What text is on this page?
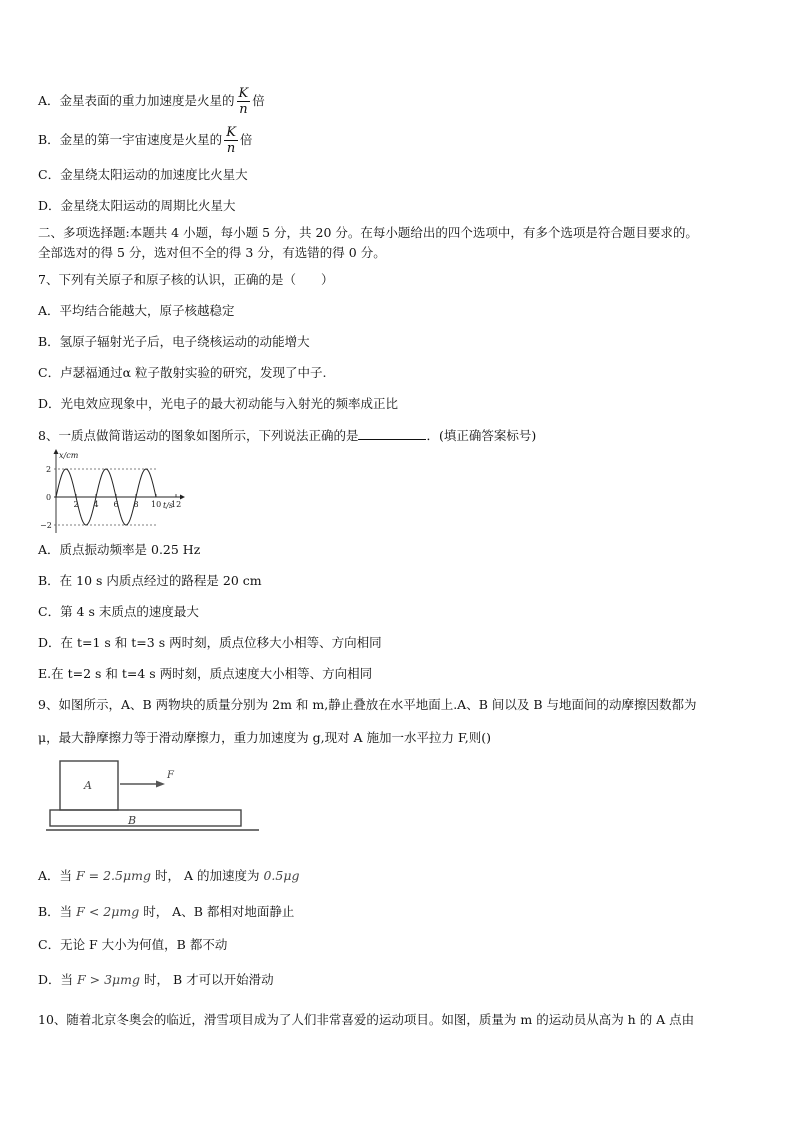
A．金星表面的重力加速度是火星的 $\frac{K}{n}$ 倍
B．金星的第一宇宙速度是火星的 $\frac{K}{n}$ 倍
C．金星绕太阳运动的加速度比火星大
D．金星绕太阳运动的周期比火星大
二、多项选择题:本题共 4 小题，每小题 5 分，共 20 分。在每小题给出的四个选项中，有多个选项是符合题目要求的。
全部选对的得 5 分，选对但不全的得 3 分，有选错的得 0 分。
7、下列有关原子和原子核的认识，正确的是（　　）
A．平均结合能越大，原子核越稳定
B．氢原子辐射光子后，电子绕核运动的动能增大
C．卢瑟福通过α 粒子散射实验的研究，发现了中子.
D．光电效应现象中，光电子的最大初动能与入射光的频率成正比
8、一质点做简谐运动的图象如图所示，下列说法正确的是	．(填正确答案标号)
x/cm
t/s
2
0
−2
2 4 6 8 10 12
A．质点振动频率是 0.25 Hz
B．在 10 s 内质点经过的路程是 20 cm
C．第 4 s 末质点的速度最大
D．在 t=1 s 和 t=3 s 两时刻，质点位移大小相等、方向相同
E.在 t=2 s 和 t=4 s 两时刻，质点速度大小相等、方向相同
9、如图所示，A、B 两物块的质量分别为 2m 和 m,静止叠放在水平地面上.A、B 间以及 B 与地面间的动摩擦因数都为
μ，最大静摩擦力等于滑动摩擦力，重力加速度为 g,现对 A 施加一水平拉力 F,则()
A
B
F
A．当 F = 2.5μmg 时， A 的加速度为 0.5μg
B．当 F < 2μmg 时， A、B 都相对地面静止
C．无论 F 大小为何值，B 都不动
D．当 F > 3μmg 时， B 才可以开始滑动
10、随着北京冬奥会的临近，滑雪项目成为了人们非常喜爱的运动项目。如图，质量为 m 的运动员从高为 h 的 A 点由
